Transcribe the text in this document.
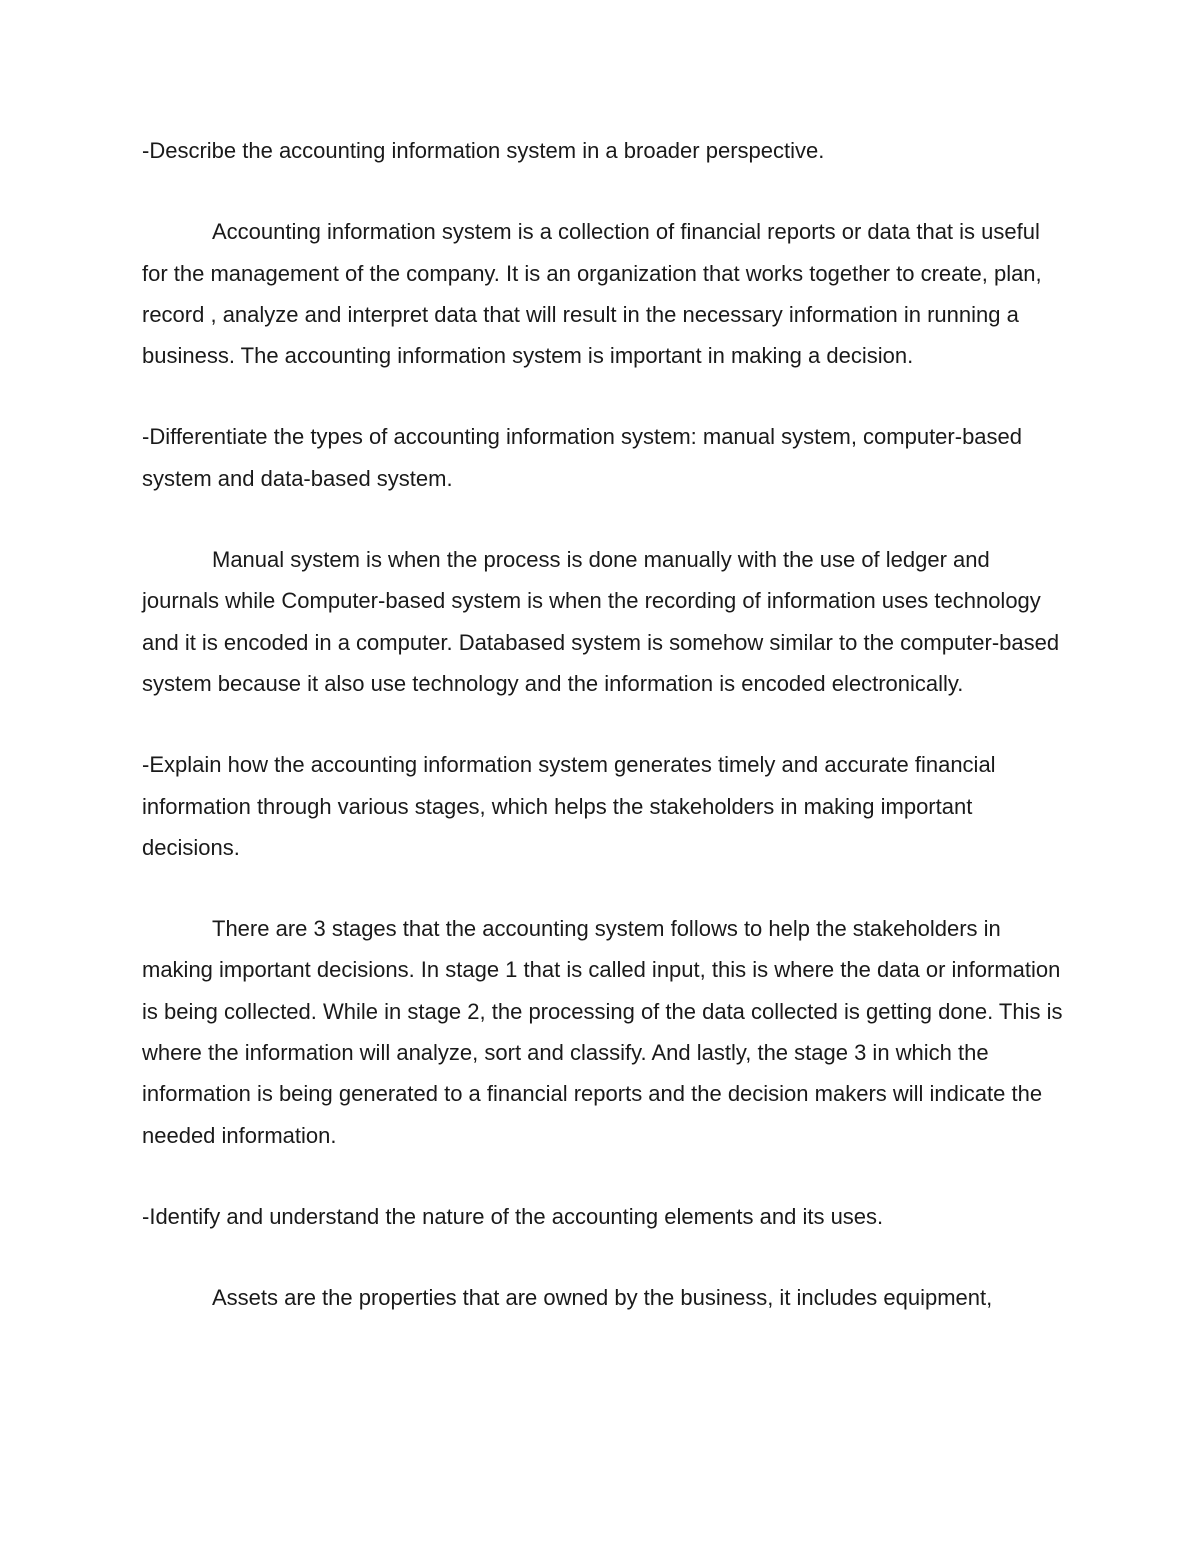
-Describe the accounting information system in a broader perspective.

Accounting information system is a collection of financial reports or data that is useful for the management of the company. It is an organization that works together to create, plan, record , analyze and interpret data that will result in the necessary information in running a business. The accounting information system is important in making a decision.

-Differentiate the types of accounting information system: manual system, computer-based system and data-based system.

Manual system is when the process is done manually with the use of ledger and journals while Computer-based system is when the recording of information uses technology and it is encoded in a computer. Databased system is somehow similar to the computer-based system because it also use technology and the information is encoded electronically.

-Explain how the accounting information system generates timely and accurate financial information through various stages, which helps the stakeholders in making important decisions.

There are 3 stages that the accounting system follows to help the stakeholders in making important decisions. In stage 1 that is called input, this is where the data or information is being collected. While in stage 2, the processing of the data collected is getting done. This is where the information will analyze, sort and classify. And lastly, the stage 3 in which the information is being generated to a financial reports and the decision makers will indicate the needed information.

-Identify and understand the nature of the accounting elements and its uses.

Assets are the properties that are owned by the business, it includes equipment,
